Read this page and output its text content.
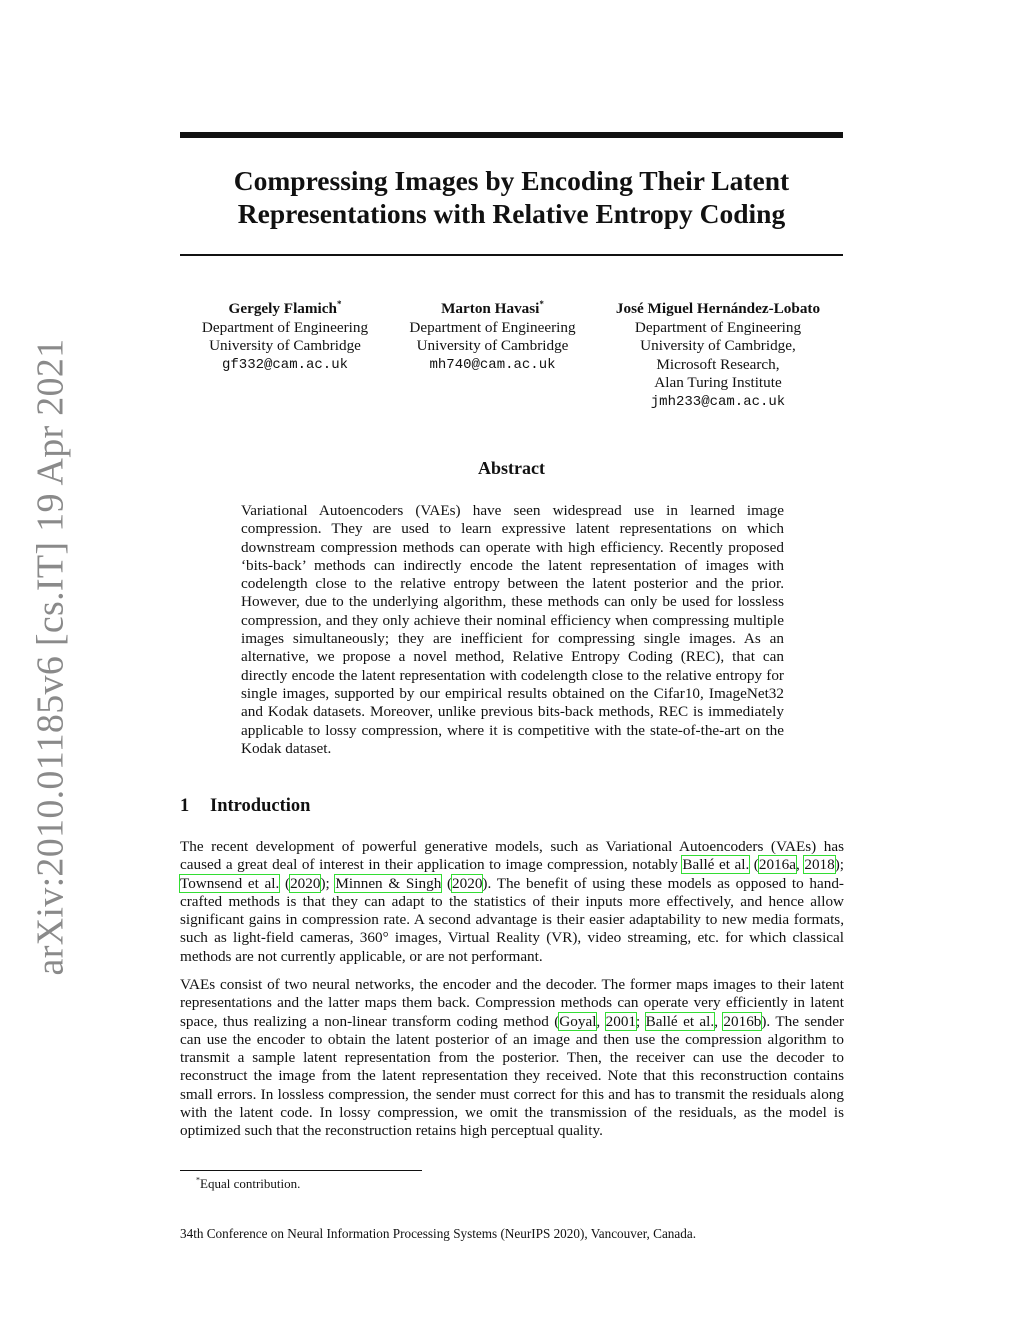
arXiv:2010.01185v6 [cs.IT] 19 Apr 2021
Compressing Images by Encoding Their Latent
Representations with Relative Entropy Coding
Gergely Flamich*
Department of Engineering
University of Cambridge
gf332@cam.ac.uk
Marton Havasi*
Department of Engineering
University of Cambridge
mh740@cam.ac.uk
José Miguel Hernández-Lobato
Department of Engineering
University of Cambridge,
Microsoft Research,
Alan Turing Institute
jmh233@cam.ac.uk
Abstract

Variational Autoencoders (VAEs) have seen widespread use in learned image compression. They are used to learn expressive latent representations on which downstream compression methods can operate with high efficiency. Recently proposed ‘bits-back’ methods can indirectly encode the latent representation of images with codelength close to the relative entropy between the latent posterior and the prior. However, due to the underlying algorithm, these methods can only be used for lossless compression, and they only achieve their nominal efficiency when compressing multiple images simultaneously; they are inefficient for compressing single images. As an alternative, we propose a novel method, Relative Entropy Coding (REC), that can directly encode the latent representation with codelength close to the relative entropy for single images, supported by our empirical results obtained on the Cifar10, ImageNet32 and Kodak datasets. Moreover, unlike previous bits-back methods, REC is immediately applicable to lossy compression, where it is competitive with the state-of-the-art on the Kodak dataset.

1 Introduction

The recent development of powerful generative models, such as Variational Autoencoders (VAEs) has caused a great deal of interest in their application to image compression, notably Ballé et al. (2016a, 2018); Townsend et al. (2020); Minnen & Singh (2020). The benefit of using these models as opposed to hand-crafted methods is that they can adapt to the statistics of their inputs more effectively, and hence allow significant gains in compression rate. A second advantage is their easier adaptability to new media formats, such as light-field cameras, 360° images, Virtual Reality (VR), video streaming, etc. for which classical methods are not currently applicable, or are not performant.

VAEs consist of two neural networks, the encoder and the decoder. The former maps images to their latent representations and the latter maps them back. Compression methods can operate very efficiently in latent space, thus realizing a non-linear transform coding method (Goyal, 2001; Ballé et al., 2016b). The sender can use the encoder to obtain the latent posterior of an image and then use the compression algorithm to transmit a sample latent representation from the posterior. Then, the receiver can use the decoder to reconstruct the image from the latent representation they received. Note that this reconstruction contains small errors. In lossless compression, the sender must correct for this and has to transmit the residuals along with the latent code. In lossy compression, we omit the transmission of the residuals, as the model is optimized such that the reconstruction retains high perceptual quality.

*Equal contribution.

34th Conference on Neural Information Processing Systems (NeurIPS 2020), Vancouver, Canada.
